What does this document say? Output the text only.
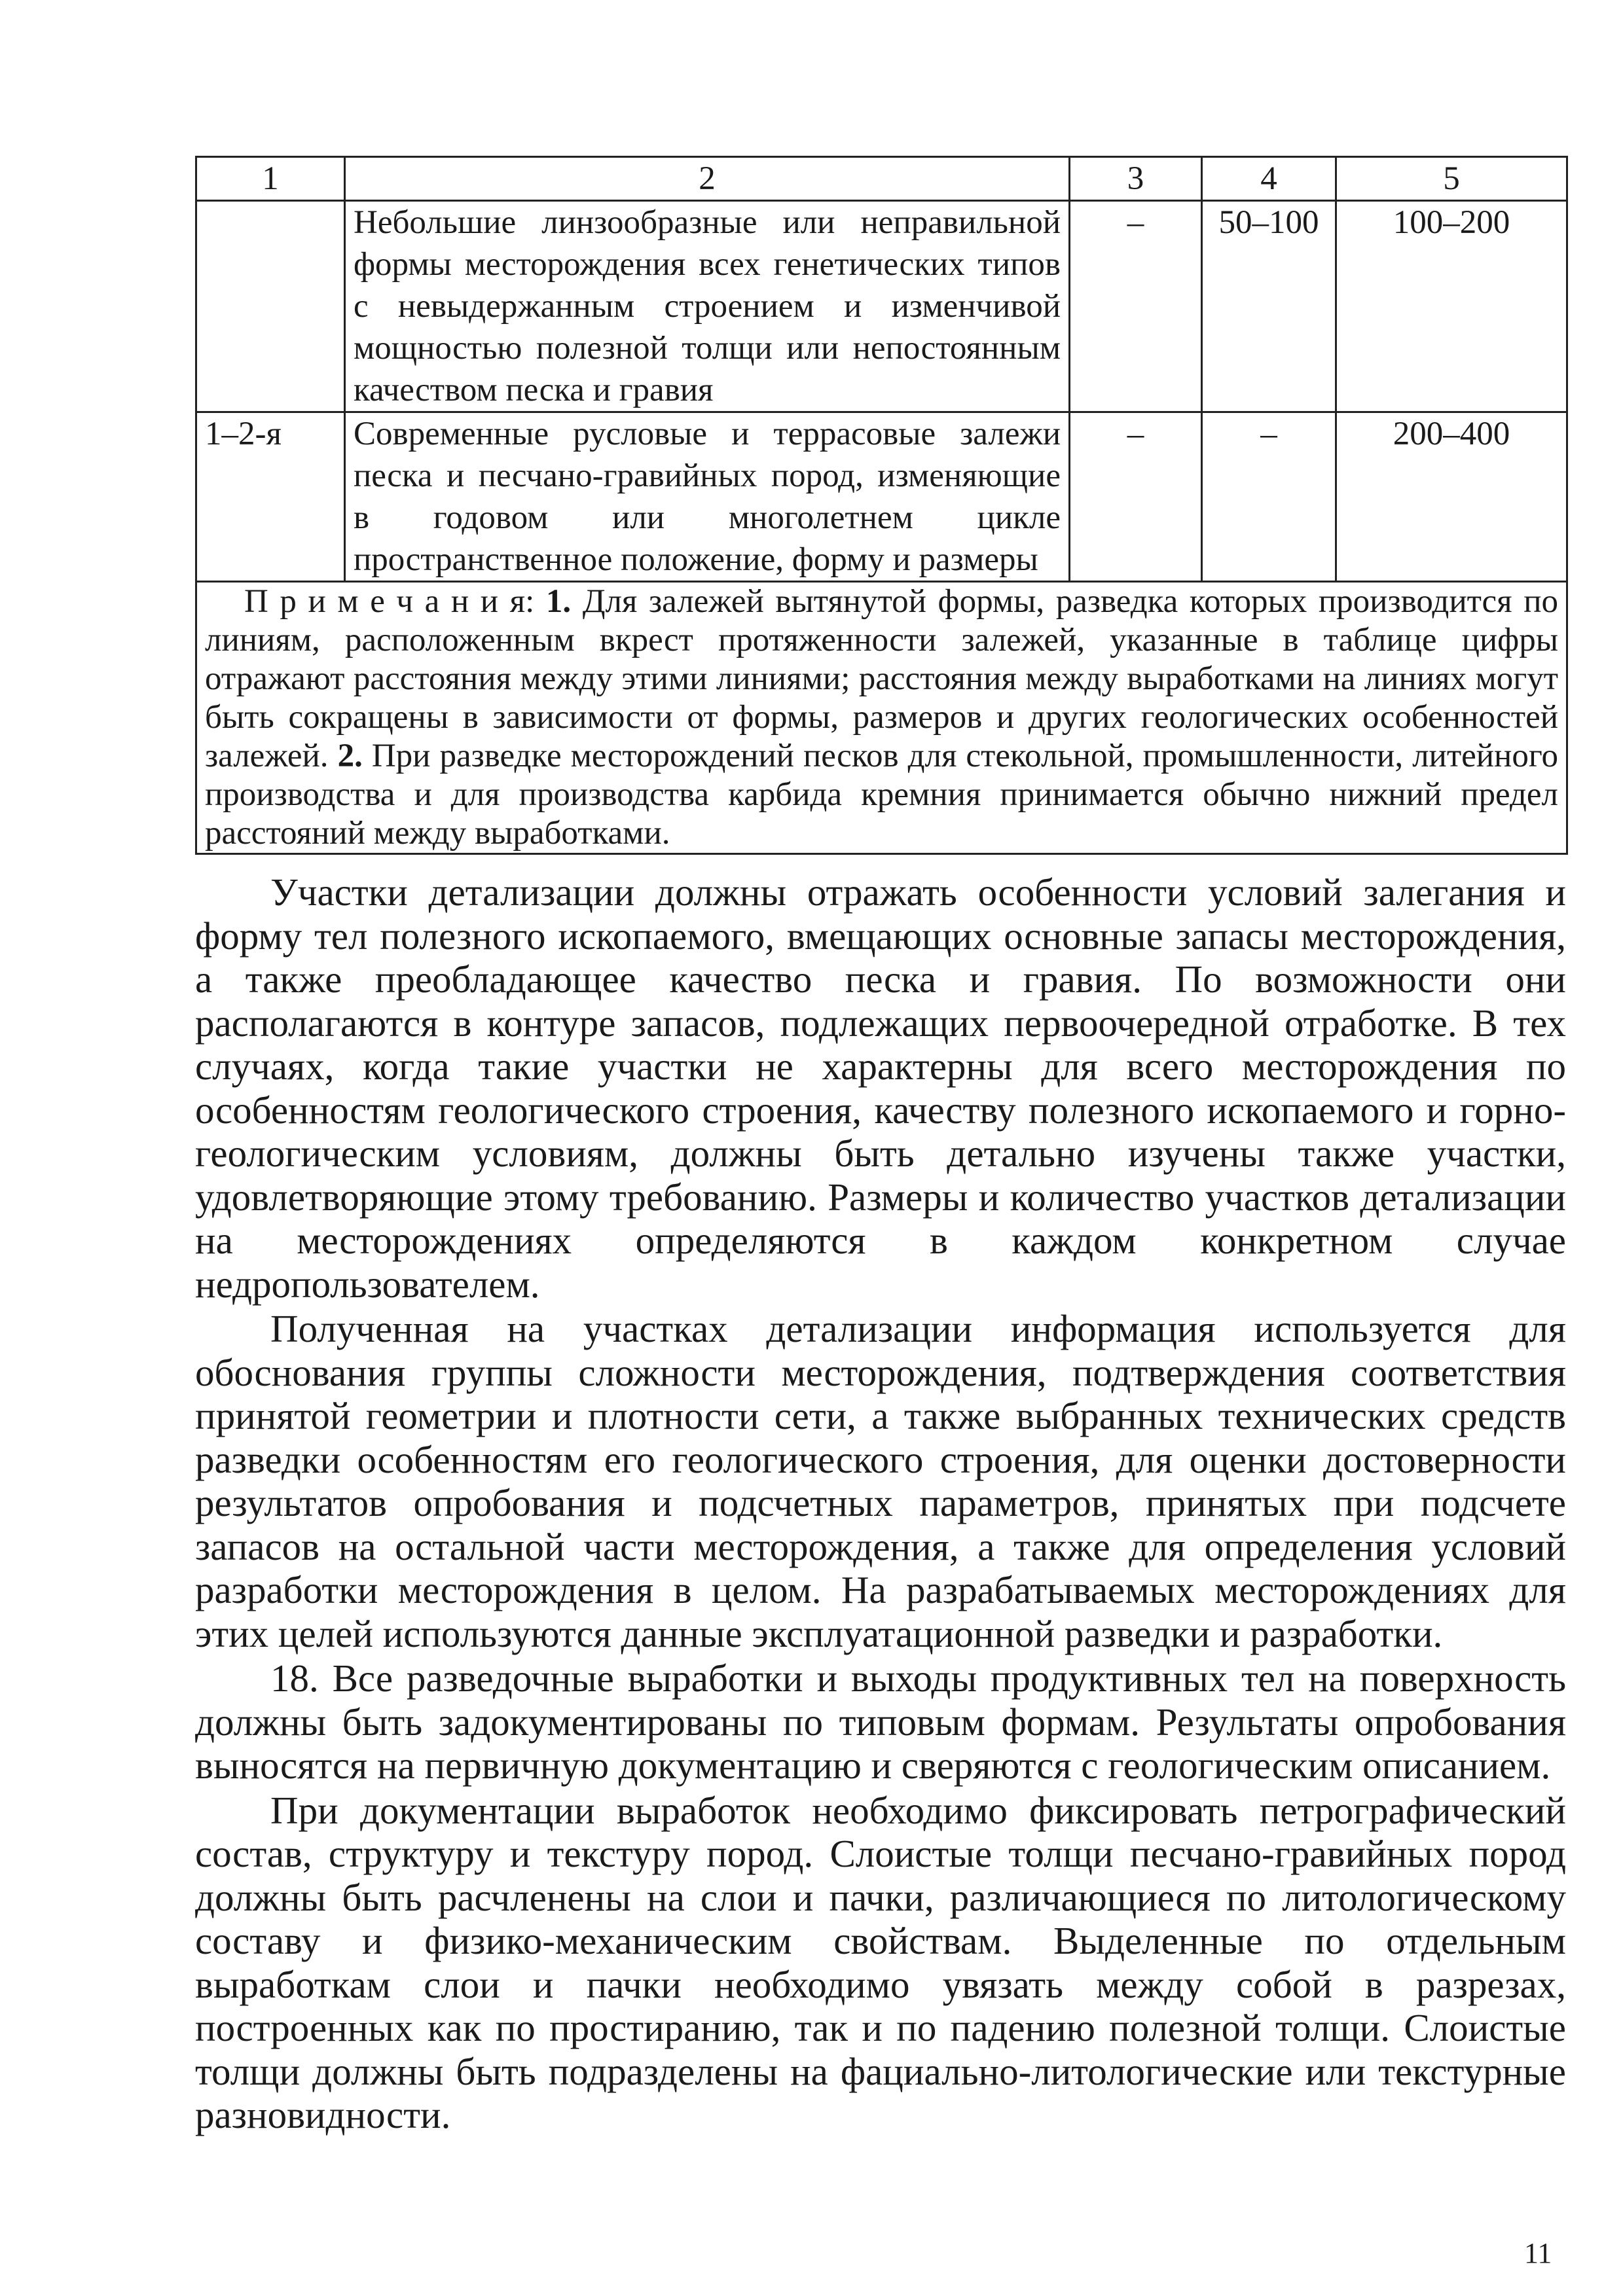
1	2	3	4	5
	Небольшие линзообразные или неправильной формы месторождения всех генетических типов с невыдержанным строением и изменчивой мощностью полезной толщи или непостоянным качеством песка и гравия	–	50–100	100–200
1–2-я	Современные русловые и террасовые залежи песка и песчано-гравийных пород, изменяющие в годовом или многолетнем цикле пространственное положение, форму и размеры	–	–	200–400
П р и м е ч а н и я: 1. Для залежей вытянутой формы, разведка которых производится по линиям, расположенным вкрест протяженности залежей, указанные в таблице цифры отражают расстояния между этими линиями; расстояния между выработками на линиях могут быть сокращены в зависимости от формы, размеров и других геологических особенностей залежей. 2. При разведке месторождений песков для стекольной, промышленности, литейного производства и для производства карбида кремния принимается обычно нижний предел расстояний между выработками.				

Участки детализации должны отражать особенности условий залегания и форму тел полезного ископаемого, вмещающих основные запасы месторождения, а также преобладающее качество песка и гравия. По возможности они располагаются в контуре запасов, подлежащих первоочередной отработке. В тех случаях, когда такие участки не характерны для всего месторождения по особенностям геологического строения, качеству полезного ископаемого и горно-геологическим условиям, должны быть детально изучены также участки, удовлетворяющие этому требованию. Размеры и количество участков детализации на месторождениях определяются в каждом конкретном случае недропользователем.

Полученная на участках детализации информация используется для обоснования группы сложности месторождения, подтверждения соответствия принятой геометрии и плотности сети, а также выбранных технических средств разведки особенностям его геологического строения, для оценки достоверности результатов опробования и подсчетных параметров, принятых при подсчете запасов на остальной части месторождения, а также для определения условий разработки месторождения в целом. На разрабатываемых месторождениях для этих целей используются данные эксплуатационной разведки и разработки.

18. Все разведочные выработки и выходы продуктивных тел на поверхность должны быть задокументированы по типовым формам. Результаты опробования выносятся на первичную документацию и сверяются с геологическим описанием.

При документации выработок необходимо фиксировать петрографический состав, структуру и текстуру пород. Слоистые толщи песчано-гравийных пород должны быть расчленены на слои и пачки, различающиеся по литологическому составу и физико-механическим свойствам. Выделенные по отдельным выработкам слои и пачки необходимо увязать между собой в разрезах, построенных как по простиранию, так и по падению полезной толщи. Слоистые толщи должны быть подразделены на фациально-литологические или текстурные разновидности.

11
